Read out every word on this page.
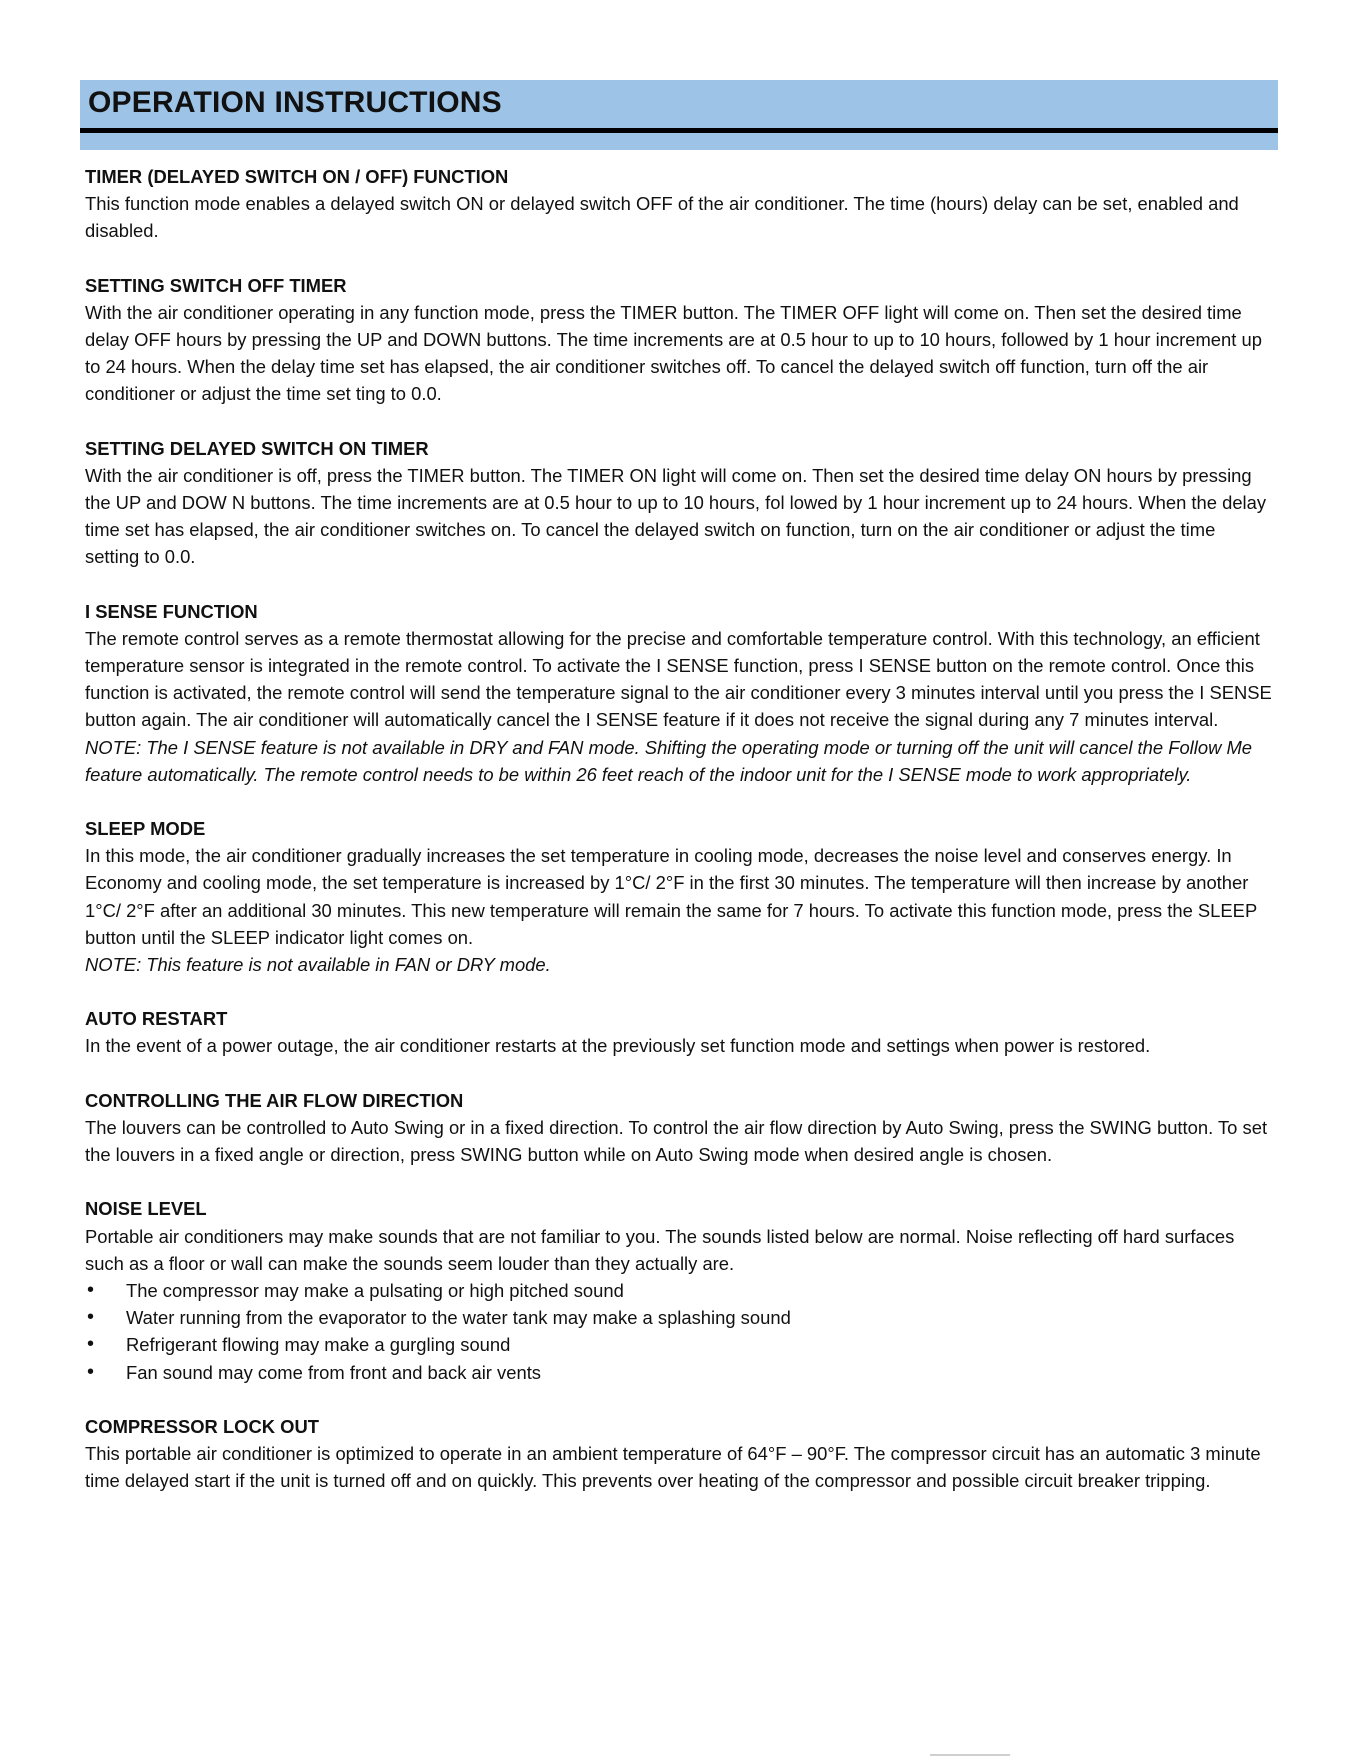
OPERATION INSTRUCTIONS
TIMER (DELAYED SWITCH ON / OFF) FUNCTION

This function mode enables a delayed switch ON or delayed switch OFF of the air conditioner. The time (hours) delay can be set, enabled and disabled.

SETTING SWITCH OFF TIMER

With the air conditioner operating in any function mode, press the TIMER button. The TIMER OFF light will come on. Then set the desired time delay OFF hours by pressing the UP and DOWN buttons. The time increments are at 0.5 hour to up to 10 hours, followed by 1 hour increment up to 24 hours. When the delay time set has elapsed, the air conditioner switches off. To cancel the delayed switch off function, turn off the air conditioner or adjust the time set ting to 0.0.

SETTING DELAYED SWITCH ON TIMER

With the air conditioner is off, press the TIMER button. The TIMER ON light will come on. Then set the desired time delay ON hours by pressing the UP and DOW N buttons. The time increments are at 0.5 hour to up to 10 hours, fol lowed by 1 hour increment up to 24 hours. When the delay time set has elapsed, the air conditioner switches on. To cancel the delayed switch on function, turn on the air conditioner or adjust the time setting to 0.0.

I SENSE FUNCTION

The remote control serves as a remote thermostat allowing for the precise and comfortable temperature control. With this technology, an efficient temperature sensor is integrated in the remote control. To activate the I SENSE function, press I SENSE button on the remote control. Once this function is activated, the remote control will send the temperature signal to the air conditioner every 3 minutes interval until you press the I SENSE button again. The air conditioner will automatically cancel the I SENSE feature if it does not receive the signal during any 7 minutes interval.

NOTE: The I SENSE feature is not available in DRY and FAN mode. Shifting the operating mode or turning off the unit will cancel the Follow Me feature automatically. The remote control needs to be within 26 feet reach of the indoor unit for the I SENSE mode to work appropriately.

SLEEP MODE

In this mode, the air conditioner gradually increases the set temperature in cooling mode, decreases the noise level and conserves energy. In Economy and cooling mode, the set temperature is increased by 1°C/ 2°F in the first 30 minutes. The temperature will then increase by another 1°C/ 2°F after an additional 30 minutes. This new temperature will remain the same for 7 hours. To activate this function mode, press the SLEEP button until the SLEEP indicator light comes on.

NOTE: This feature is not available in FAN or DRY mode.

AUTO RESTART

In the event of a power outage, the air conditioner restarts at the previously set function mode and settings when power is restored.

CONTROLLING THE AIR FLOW DIRECTION

The louvers can be controlled to Auto Swing or in a fixed direction. To control the air flow direction by Auto Swing, press the SWING button. To set the louvers in a fixed angle or direction, press SWING button while on Auto Swing mode when desired angle is chosen.

NOISE LEVEL

Portable air conditioners may make sounds that are not familiar to you. The sounds listed below are normal. Noise reflecting off hard surfaces such as a floor or wall can make the sounds seem louder than they actually are.

• The compressor may make a pulsating or high pitched sound
• Water running from the evaporator to the water tank may make a splashing sound
• Refrigerant flowing may make a gurgling sound
• Fan sound may come from front and back air vents
COMPRESSOR LOCK OUT

This portable air conditioner is optimized to operate in an ambient temperature of 64°F – 90°F. The compressor circuit has an automatic 3 minute time delayed start if the unit is turned off and on quickly. This prevents over heating of the compressor and possible circuit breaker tripping.
